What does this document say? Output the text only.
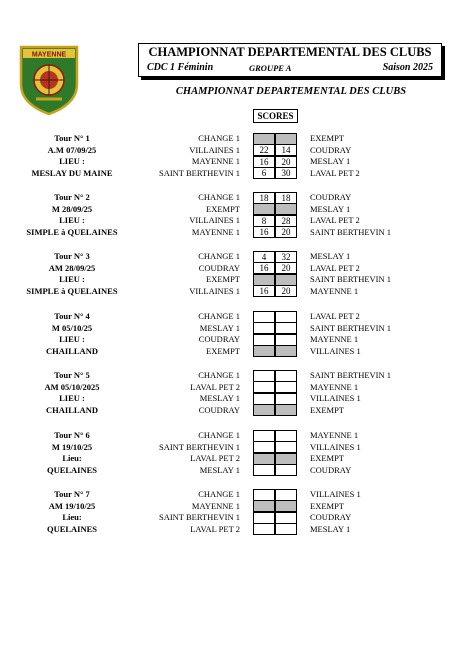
MAYENNE	CHAMPIONNAT DEPARTEMENTAL DES CLUBS
CDC 1 Féminin	GROUPE A	Saison 2025
CHAMPIONNAT DEPARTEMENTAL DES CLUBS
SCORES
Tour N° 1	CHANGE 1	EXEMPT
A.M 07/09/25	VILLAINES 1	22	14	COUDRAY
LIEU :	MAYENNE 1	16	20	MESLAY 1
MESLAY DU MAINE	SAINT BERTHEVIN 1	6	30	LAVAL PET 2
Tour N° 2	CHANGE 1	18	18	COUDRAY
M 28/09/25	EXEMPT	MESLAY 1
LIEU :	VILLAINES 1	8	28	LAVAL PET 2
SIMPLE à QUELAINES	MAYENNE 1	16	20	SAINT BERTHEVIN 1
Tour N° 3	CHANGE 1	4	32	MESLAY 1
AM 28/09/25	COUDRAY	16	20	LAVAL PET 2
LIEU :	EXEMPT	SAINT BERTHEVIN 1
SIMPLE à QUELAINES	VILLAINES 1	16	20	MAYENNE 1
Tour N° 4	CHANGE 1	LAVAL PET 2
M 05/10/25	MESLAY 1	SAINT BERTHEVIN 1
LIEU :	COUDRAY	MAYENNE 1
CHAILLAND	EXEMPT	VILLAINES 1
Tour N° 5	CHANGE 1	SAINT BERTHEVIN 1
AM 05/10/2025	LAVAL PET 2	MAYENNE 1
LIEU :	MESLAY 1	VILLAINES 1
CHAILLAND	COUDRAY	EXEMPT
Tour N° 6	CHANGE 1	MAYENNE 1
M 19/10/25	SAINT BERTHEVIN 1	VILLAINES 1
Lieu:	LAVAL PET 2	EXEMPT
QUELAINES	MESLAY 1	COUDRAY
Tour N° 7	CHANGE 1	VILLAINES 1
AM 19/10/25	MAYENNE 1	EXEMPT
Lieu:	SAINT BERTHEVIN 1	COUDRAY
QUELAINES	LAVAL PET 2	MESLAY 1
